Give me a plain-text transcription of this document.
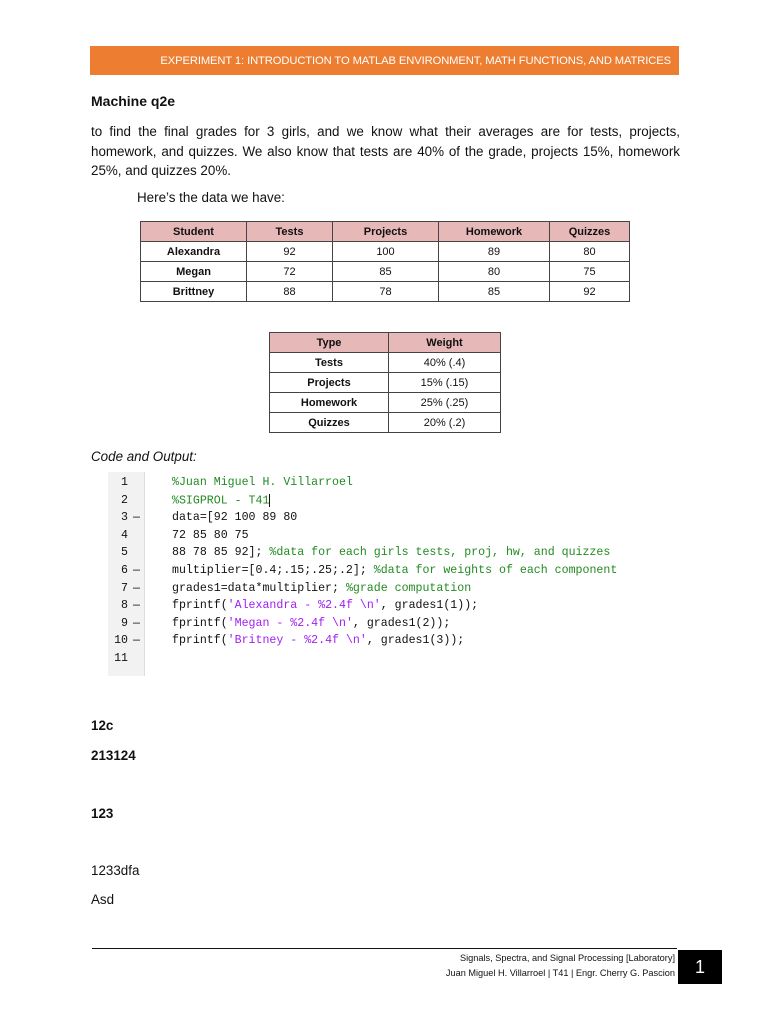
EXPERIMENT 1: INTRODUCTION TO MATLAB ENVIRONMENT, MATH FUNCTIONS, AND MATRICES
Machine q2e
to find the final grades for 3 girls, and we know what their averages are for tests, projects, homework, and quizzes. We also know that tests are 40% of the grade, projects 15%, homework 25%, and quizzes 20%.
Here’s the data we have:
Student	Tests	Projects	Homework	Quizzes
Alexandra	92	100	89	80
Megan	72	85	80	75
Brittney	88	78	85	92
Type	Weight
Tests	40% (.4)
Projects	15% (.15)
Homework	25% (.25)
Quizzes	20% (.2)
Code and Output:
1	%Juan Miguel H. Villarroel
2	%SIGPROL - T41
3 —	data=[92 100 89 80
4	72 85 80 75
5	88 78 85 92]; %data for each girls tests, proj, hw, and quizzes
6 —	multiplier=[0.4;.15;.25;.2]; %data for weights of each component
7 —	grades1=data*multiplier; %grade computation
8 —	fprintf('Alexandra - %2.4f \n', grades1(1));
9 —	fprintf('Megan - %2.4f \n', grades1(2));
10 —	fprintf('Britney - %2.4f \n', grades1(3));
11
12c
213124
123
1233dfa
Asd
Signals, Spectra, and Signal Processing [Laboratory]
Juan Miguel H. Villarroel | T41 | Engr. Cherry G. Pascion	1
